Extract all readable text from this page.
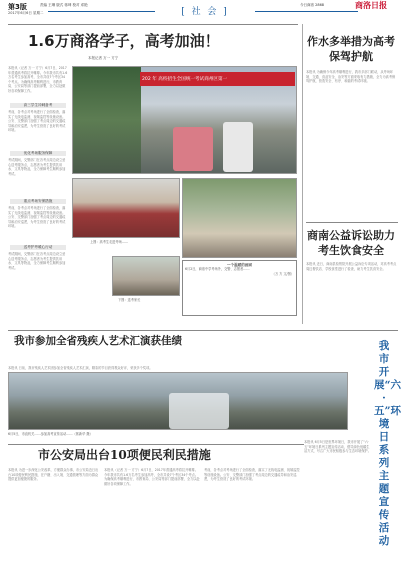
第3版
2017年6月6日 星期二
责编 王琳 版式 蒋坤 校对 邓艳	今日商洛 2868	商洛日报
[ 社 会 ]
1.6万商洛学子，高考加油！
本报记者 万一 方宁
本报讯（记者 万一 方宁）6月7日，2017年普通高考将拉开帷幕。今年我市共有1.6万名考生参加高考，全市共设7个考区34个考点。为确保高考顺利进行，市教育局、公安局等部门提前部署，全力以赴做好各项保障工作。
高三学生冲刺备考
考前，各考点对考场进行了全面检查，落实了无线电监测、视频监控等设施设备。公安、交警部门加强了考点周边的交通疏导和治安巡逻，为考生营造了良好的考试环境。
优化考场服务保障
考试期间，交警部门在各考点周边设立爱心送考服务点，志愿者为考生提供饮用水、文具等物品，全力保障考生顺利参加考试。
重点考场安保措施
考前，各考点对考场进行了全面检查，落实了无线电监测、视频监控等设施设备。公安、交警部门加强了考点周边的交通疏导和治安巡逻，为考生营造了良好的考试环境。
送考护考暖心行动
考试期间，交警部门在各考点周边设立爱心送考服务点，志愿者为考生提供饮用水、文具等物品，全力保障考生顺利参加考试。
202 年 高校招生全国统一考试商州区第一
上图：高考生走进考场……
下图：送考家长
一个温暖的画面
6月2日，商洛中学考场外，交警、志愿者……
（万 方 文/图）
作水多举措为高考保驾护航
本报讯 为确保今年高考顺利进行，我市多部门联动，从考场环境、交通、食品安全、治安等方面采取有力措施，全力为高考保驾护航，营造安全、有序、和谐的考试环境。
商南公益诉讼助力考生饮食安全
本报讯 近日，商南县检察院开展公益诉讼专项活动，对高考考点周边餐饮店、学校食堂进行了检查，助力考生饮食安全。
我市参加全省残疾人艺术汇演获佳绩
本报讯 日前，我市残疾人艺术团参加全省残疾人艺术汇演，精彩的节目获得观众好评，荣获多个奖项。
6月5日，市直机关……参加高考宣传活动……（郭新华 摄）
我市开展“六·五”环境日系列主题宣传活动
本报讯 6月5日是世界环境日，我市开展了“六·五”环境日系列主题宣传活动，倡导绿色低碳生活方式，号召广大市民积极参与生态环境保护。
市公安局出台10项便民利民措施
本报讯 为进一步深化公安改革，方便群众办事，市公安局近日出台10项便民利民措施，在户籍、出入境、交通管理等方面为群众提供更加便捷的服务。
本报讯（记者 万一 方宁）6月7日，2017年普通高考将拉开帷幕。今年我市共有1.6万名考生参加高考，全市共设7个考区34个考点。为确保高考顺利进行，市教育局、公安局等部门提前部署，全力以赴做好各项保障工作。
考前，各考点对考场进行了全面检查，落实了无线电监测、视频监控等设施设备。公安、交警部门加强了考点周边的交通疏导和治安巡逻，为考生营造了良好的考试环境。
